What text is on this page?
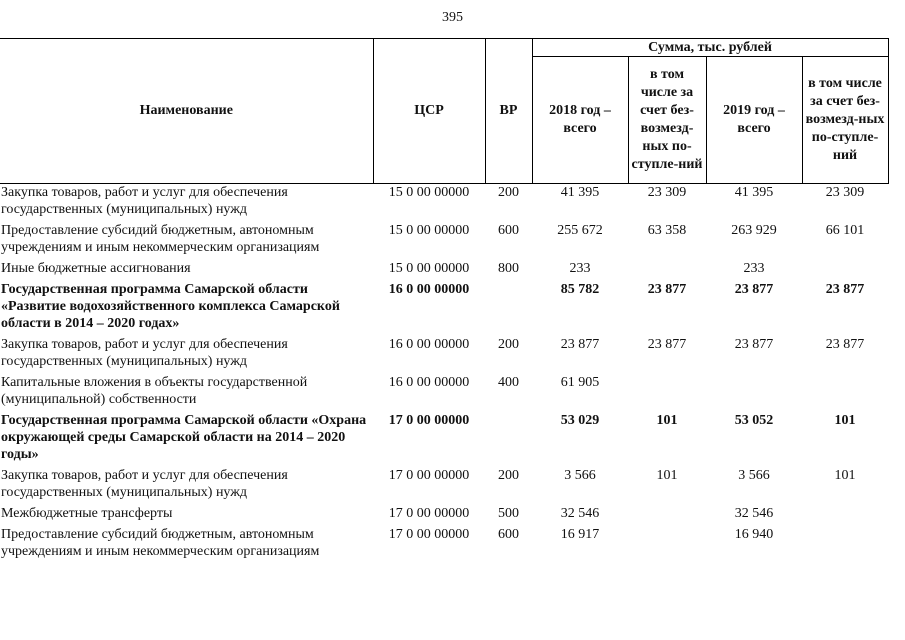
395
Наименование	ЦСР	ВР	Сумма, тыс. рублей			
			2018 год – всего	в том числе за счет без-возмезд-ных по-ступле-ний	2019 год – всего	в том числе за счет без-возмезд-ных по-ступле-ний
Закупка товаров, работ и услуг для обеспечения государственных (муниципальных) нужд	15 0 00 00000	200	41 395	23 309	41 395	23 309

Предоставление субсидий бюджетным, автономным учреждениям и иным некоммерческим организациям	15 0 00 00000	600	255 672	63 358	263 929	66 101

Иные бюджетные ассигнования	15 0 00 00000	800	233		233	

Государственная программа Самарской области «Развитие водохозяйственного комплекса Самарской области в 2014 – 2020 годах»	16 0 00 00000		85 782	23 877	23 877	23 877

Закупка товаров, работ и услуг для обеспечения государственных (муниципальных) нужд	16 0 00 00000	200	23 877	23 877	23 877	23 877

Капитальные вложения в объекты государственной (муниципальной) собственности	16 0 00 00000	400	61 905			

Государственная программа Самарской области «Охрана окружающей среды Самарской области на 2014 – 2020 годы»	17 0 00 00000		53 029	101	53 052	101

Закупка товаров, работ и услуг для обеспечения государственных (муниципальных) нужд	17 0 00 00000	200	3 566	101	3 566	101

Межбюджетные трансферты	17 0 00 00000	500	32 546		32 546	

Предоставление субсидий бюджетным, автономным учреждениям и иным некоммерческим организациям	17 0 00 00000	600	16 917		16 940	
